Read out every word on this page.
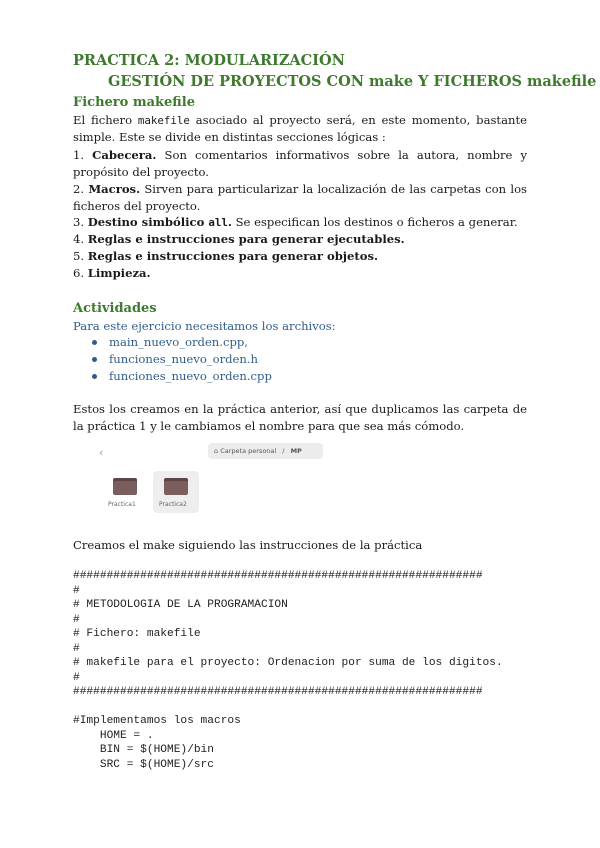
PRACTICA 2: MODULARIZACIÓN
GESTIÓN DE PROYECTOS CON make Y FICHEROS makefile
Fichero makefile
El fichero makefile asociado al proyecto será, en este momento, bastante simple. Este se divide en distintas secciones lógicas :
1. Cabecera. Son comentarios informativos sobre la autora, nombre y propósito del proyecto.
2. Macros. Sirven para particularizar la localización de las carpetas con los ficheros del proyecto.
3. Destino simbólico all. Se especifican los destinos o ficheros a generar.
4. Reglas e instrucciones para generar ejecutables.
5. Reglas e instrucciones para generar objetos.
6. Limpieza.
Actividades
Para este ejercicio necesitamos los archivos:
main_nuevo_orden.cpp,
funciones_nuevo_orden.h
funciones_nuevo_orden.cpp
Estos los creamos en la práctica anterior, así que duplicamos las carpeta de la práctica 1 y le cambiamos el nombre para que sea más cómodo.
‹	⌂ Carpeta personal / MP
Practica1	Practica2
Creamos el make siguiendo las instrucciones de la práctica
#############################################################
#
# METODOLOGIA DE LA PROGRAMACION
#
# Fichero: makefile
#
# makefile para el proyecto: Ordenacion por suma de los digitos.
#
#############################################################
#Implementamos los macros
HOME = .
BIN = $(HOME)/bin
SRC = $(HOME)/src
